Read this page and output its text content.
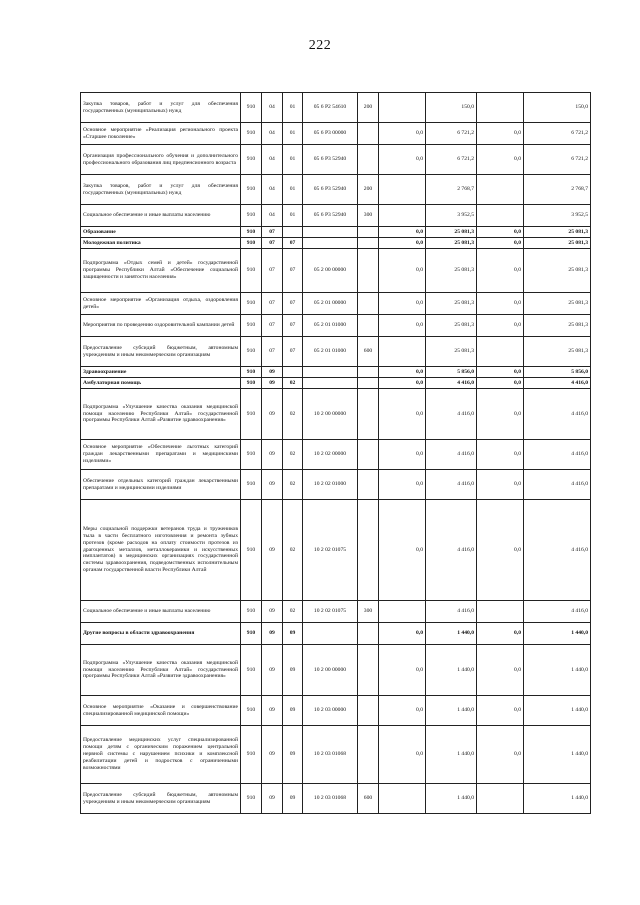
222
Закупка товаров, работ и услуг для обеспечения государственных (муниципальных) нужд	910	04	01	05 6 P2 54610	200		150,0		150,0
Основное мероприятие «Реализация регионального проекта «Старшее поколение»	910	04	01	05 6 P3 00000		0,0	6 721,2	0,0	6 721,2
Организация профессионального обучения и дополнительного профессионального образования лиц предпенсионного возраста	910	04	01	05 6 P3 52940		0,0	6 721,2	0,0	6 721,2
Закупка товаров, работ и услуг для обеспечения государственных (муниципальных) нужд	910	04	01	05 6 P3 52940	200		2 768,7		2 768,7
Социальное обеспечение и иные выплаты населению	910	04	01	05 6 P3 52940	300		3 952,5		3 952,5
Образование	910	07				0,0	25 081,3	0,0	25 081,3
Молодежная политика	910	07	07			0,0	25 081,3	0,0	25 081,3
Подпрограмма «Отдых семей и детей» государственной программы Республики Алтай «Обеспечение социальной защищенности и занятости населения»	910	07	07	05 2 00 00000		0,0	25 081,3	0,0	25 081,3
Основное мероприятие «Организация отдыха, оздоровления детей»	910	07	07	05 2 01 00000		0,0	25 081,3	0,0	25 081,3
Мероприятия по проведению оздоровительной кампании детей	910	07	07	05 2 01 01000		0,0	25 081,3	0,0	25 081,3
Предоставление субсидий бюджетным, автономным учреждениям и иным некоммерческим организациям	910	07	07	05 2 01 01000	600		25 081,3		25 081,3
Здравоохранение	910	09				0,0	5 856,0	0,0	5 856,0
Амбулаторная помощь	910	09	02			0,0	4 416,0	0,0	4 416,0
Подпрограмма «Улучшение качества оказания медицинской помощи населению Республики Алтай» государственной программы Республики Алтай «Развитие здравоохранения»	910	09	02	10 2 00 00000		0,0	4 416,0	0,0	4 416,0
Основное мероприятие «Обеспечение льготных категорий граждан лекарственными препаратами и медицинскими изделиями»	910	09	02	10 2 02 00000		0,0	4 416,0	0,0	4 416,0
Обеспечение отдельных категорий граждан лекарственными препаратами и медицинскими изделиями	910	09	02	10 2 02 01000		0,0	4 416,0	0,0	4 416,0
Меры социальной поддержки ветеранов труда и тружеников тыла в части бесплатного изготовления и ремонта зубных протезов (кроме расходов на оплату стоимости протезов из драгоценных металлов, металлокерамики и искусственных имплантатов) в медицинских организациях государственной системы здравоохранения, подведомственных исполнительным органам государственной власти Республики Алтай	910	09	02	10 2 02 01075		0,0	4 416,0	0,0	4 416,0
Социальное обеспечение и иные выплаты населению	910	09	02	10 2 02 01075	300		4 416,0		4 416,0
Другие вопросы в области здравоохранения	910	09	09			0,0	1 440,0	0,0	1 440,0
Подпрограмма «Улучшение качества оказания медицинской помощи населению Республики Алтай» государственной программы Республики Алтай «Развитие здравоохранения»	910	09	09	10 2 00 00000		0,0	1 440,0	0,0	1 440,0
Основное мероприятие «Оказание и совершенствование специализированной медицинской помощи»	910	09	09	10 2 03 00000		0,0	1 440,0	0,0	1 440,0
Предоставление медицинских услуг специализированной помощи детям с органическим поражением центральной нервной системы с нарушением психики и комплексной реабилитации детей и подростков с ограниченными возможностями	910	09	09	10 2 03 01068		0,0	1 440,0	0,0	1 440,0
Предоставление субсидий бюджетным, автономным учреждениям и иным некоммерческим организациям	910	09	09	10 2 03 01068	600		1 440,0		1 440,0
